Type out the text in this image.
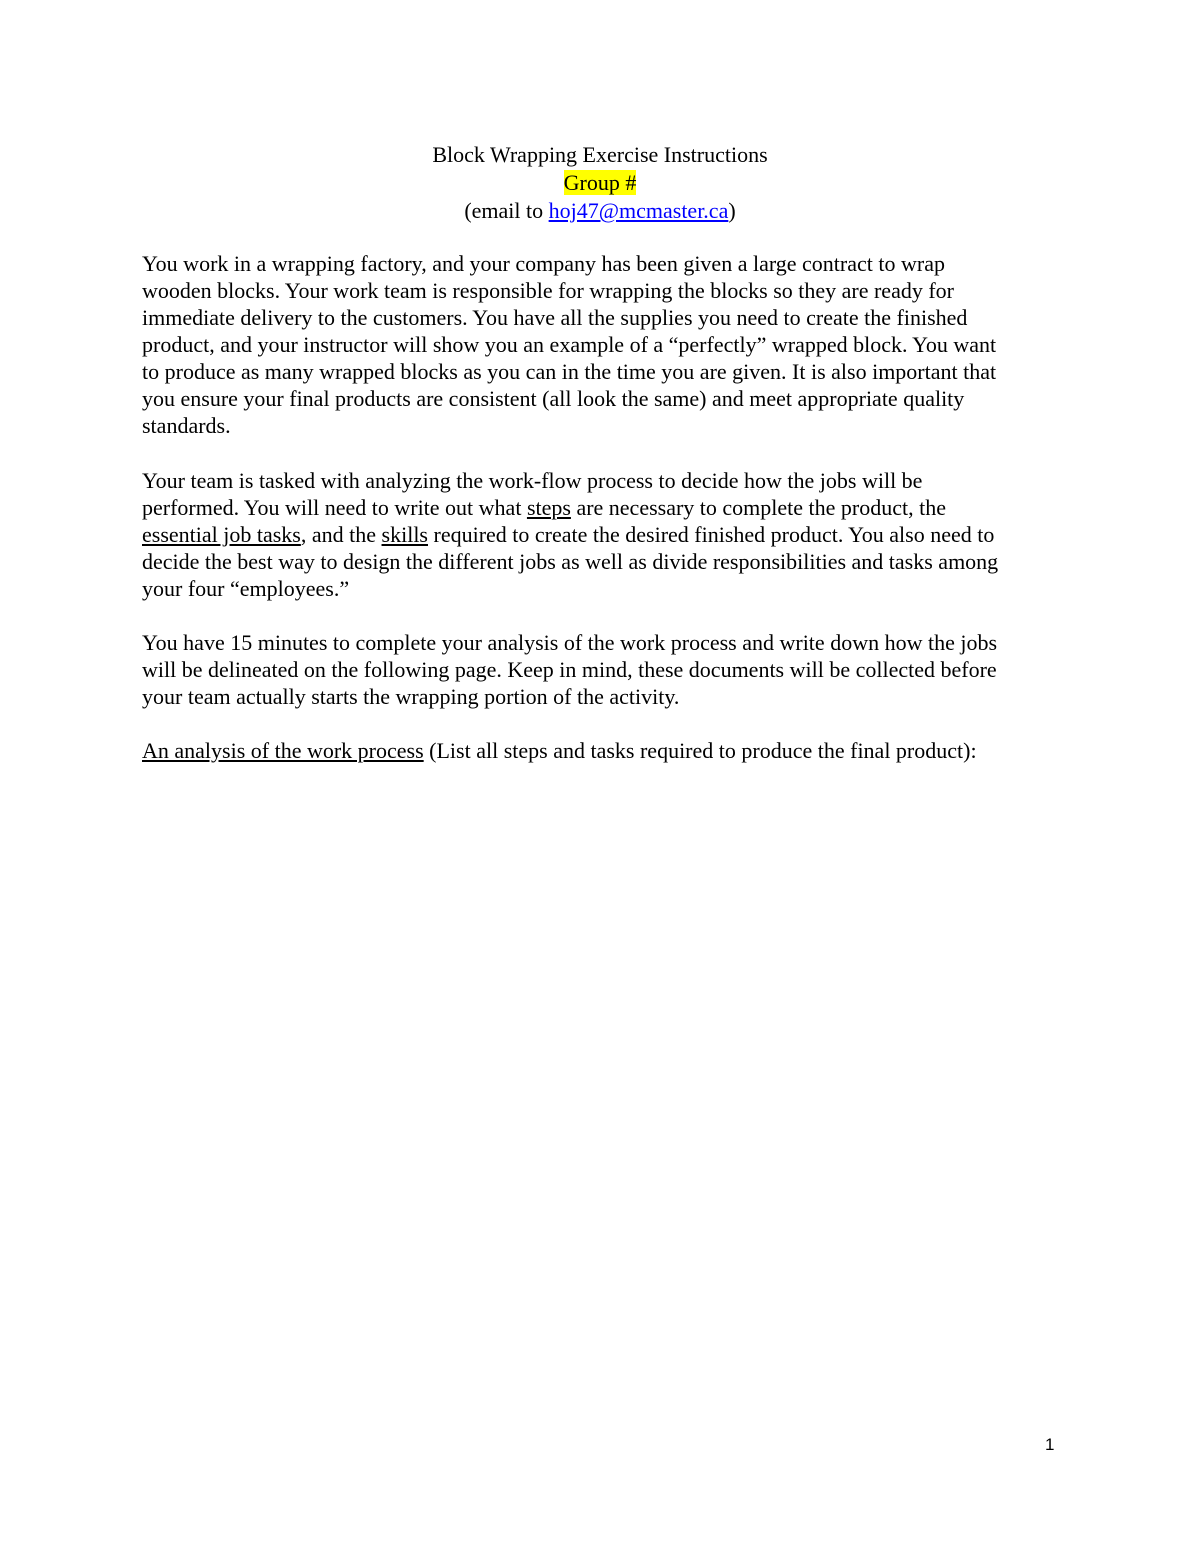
Block Wrapping Exercise Instructions
Group #
(email to hoj47@mcmaster.ca)
You work in a wrapping factory, and your company has been given a large contract to wrap
wooden blocks. Your work team is responsible for wrapping the blocks so they are ready for
immediate delivery to the customers. You have all the supplies you need to create the finished
product, and your instructor will show you an example of a “perfectly” wrapped block. You want
to produce as many wrapped blocks as you can in the time you are given. It is also important that
you ensure your final products are consistent (all look the same) and meet appropriate quality
standards.
Your team is tasked with analyzing the work-flow process to decide how the jobs will be
performed. You will need to write out what steps are necessary to complete the product, the
essential job tasks, and the skills required to create the desired finished product. You also need to
decide the best way to design the different jobs as well as divide responsibilities and tasks among
your four “employees.”
You have 15 minutes to complete your analysis of the work process and write down how the jobs
will be delineated on the following page. Keep in mind, these documents will be collected before
your team actually starts the wrapping portion of the activity.
An analysis of the work process (List all steps and tasks required to produce the final product):
1
